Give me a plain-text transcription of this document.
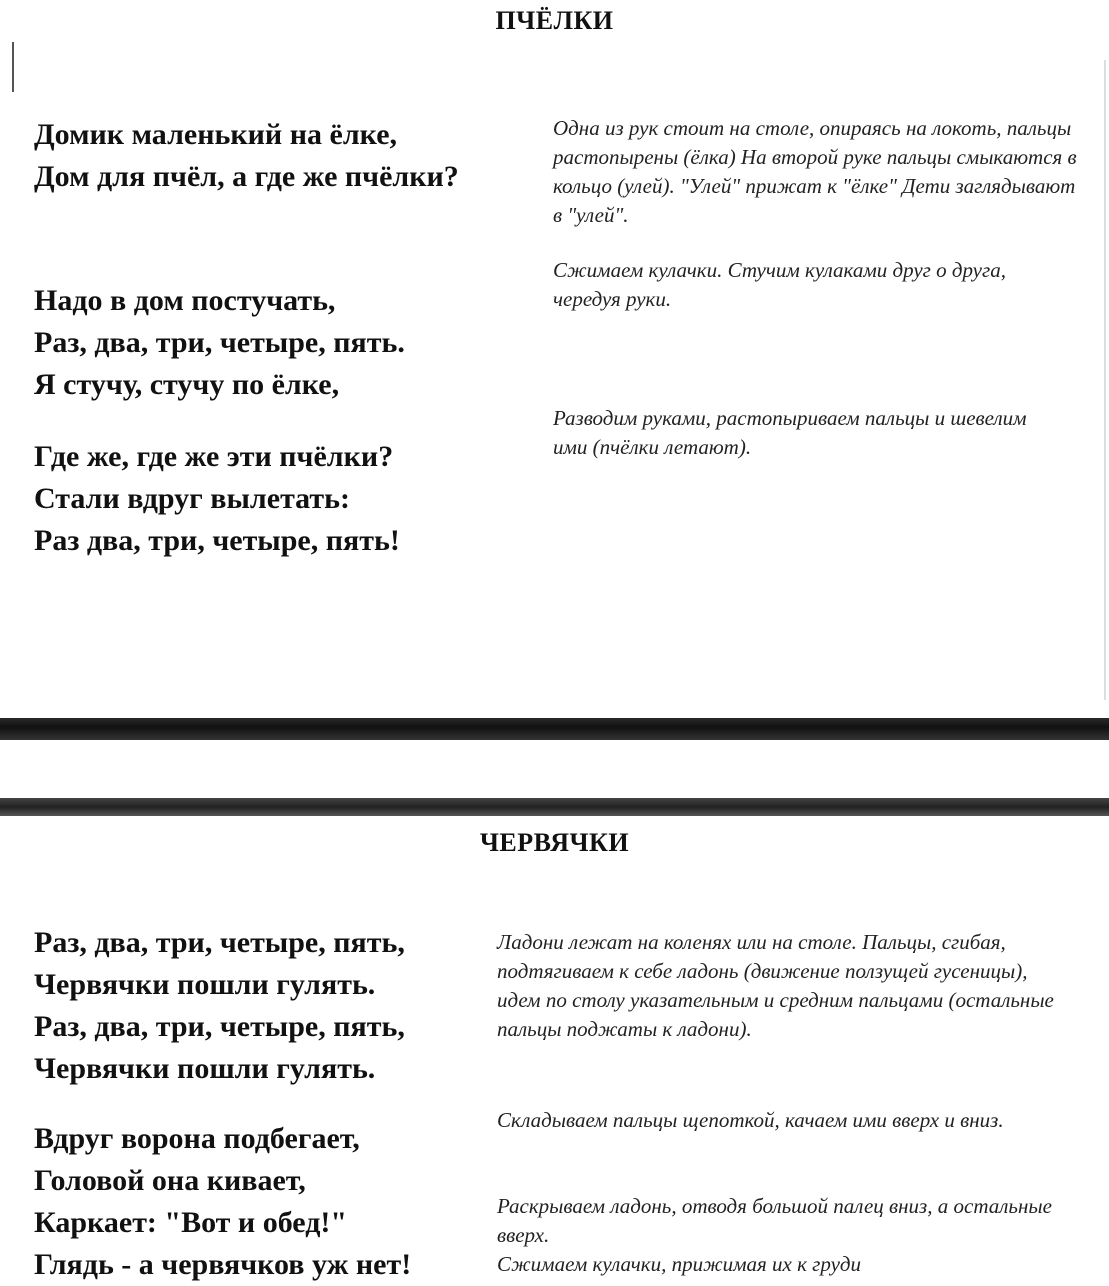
ПЧЁЛКИ

Домик маленький на ёлке,
Дом для пчёл, а где же пчёлки?

Надо в дом постучать,
Раз, два, три, четыре, пять.
Я стучу, стучу по ёлке,

Где же, где же эти пчёлки?
Стали вдруг вылетать:
Раз два, три, четыре, пять!

Одна из рук стоит на столе, опираясь на локоть, пальцы растопырены (ёлка) На второй руке пальцы смыкаются в кольцо (улей). "Улей" прижат к "ёлке" Дети заглядывают в "улей".

Сжимаем кулачки. Стучим кулаками друг о друга, чередуя руки.

Разводим руками, растопыриваем пальцы и шевелим ими (пчёлки летают).

ЧЕРВЯЧКИ

Раз, два, три, четыре, пять,
Червячки пошли гулять.
Раз, два, три, четыре, пять,
Червячки пошли гулять.

Вдруг ворона подбегает,
Головой она кивает,
Каркает: "Вот и обед!"
Глядь - а червячков уж нет!

Ладони лежат на коленях или на столе. Пальцы, сгибая, подтягиваем к себе ладонь (движение ползущей гусеницы), идем по столу указательным и средним пальцами (остальные пальцы поджаты к ладони).

Складываем пальцы щепоткой, качаем ими вверх и вниз.

Раскрываем ладонь, отводя большой палец вниз, а остальные вверх.

Сжимаем кулачки, прижимая их к груди
